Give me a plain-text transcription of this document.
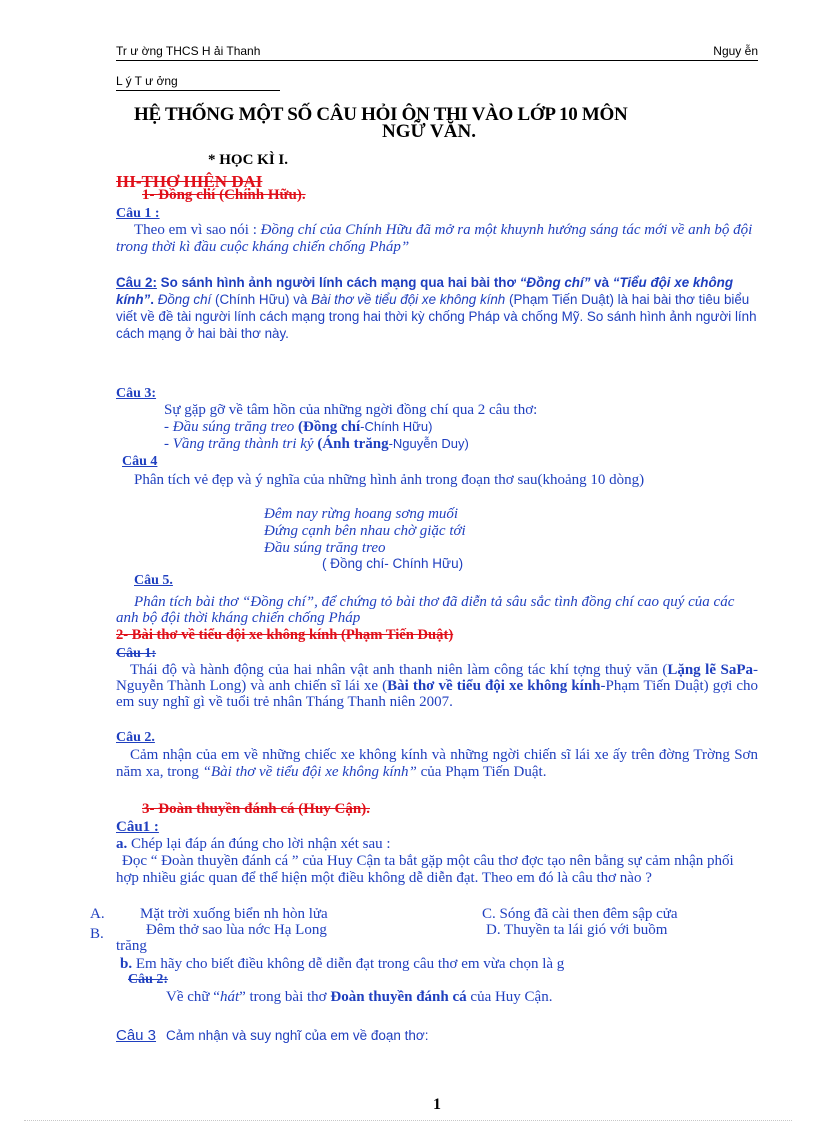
Tr ư ờng THCS H ải Thanh	Nguy ễn
L ý T ư ởng
HỆ THỐNG MỘT SỐ CÂU HỎI ÔN THI VÀO LỚP 10 MÔN
NGỮ VĂN.
* HỌC KÌ I.
III-THƠ HIỆN ĐẠI
1- Đồng chí (Chính Hữu).
Câu 1 :
Theo em vì sao nói : Đồng chí của Chính Hữu đã mở ra một khuynh hướng sáng tác mới về anh bộ đội trong thời kì đầu cuộc kháng chiến chống Pháp”
Câu 2: So sánh hình ảnh người lính cách mạng qua hai bài thơ “Đồng chí” và “Tiểu đội xe không kính”. Đồng chí (Chính Hữu) và Bài thơ về tiểu đội xe không kính (Phạm Tiến Duật) là hai bài thơ tiêu biểu viết về đề tài người lính cách mạng trong hai thời kỳ chống Pháp và chống Mỹ. So sánh hình ảnh người lính cách mạng ở hai bài thơ này.
Câu 3:
Sự gặp gỡ về tâm hồn của những ngời đồng chí qua 2 câu thơ:
- Đầu súng trăng treo (Đồng chí-Chính Hữu)
- Vầng trăng thành tri kỷ (Ánh trăng-Nguyễn Duy)
Câu 4
Phân tích vẻ đẹp và ý nghĩa của những hình ảnh trong đoạn thơ sau(khoảng 10 dòng)
Đêm nay rừng hoang sơng muối
Đứng cạnh bên nhau chờ giặc tới
Đầu súng trăng treo
( Đồng chí- Chính Hữu)
Câu 5.
Phân tích bài thơ “Đồng chí”, để chứng tỏ bài thơ đã diễn tả sâu sắc tình đồng chí cao quý của các anh bộ đội thời kháng chiến chống Pháp
2- Bài thơ về tiểu đội xe không kính (Phạm Tiến Duật)
Câu 1:
Thái độ và hành động của hai nhân vật anh thanh niên làm công tác khí tợng thuỷ văn (Lặng lẽ SaPa- Nguyễn Thành Long) và anh chiến sĩ lái xe (Bài thơ về tiểu đội xe không kính-Phạm Tiến Duật) gợi cho em suy nghĩ gì về tuổi trẻ nhân Tháng Thanh niên 2007.
Câu 2.
Cảm nhận của em về những chiếc xe không kính và những ngời chiến sĩ lái xe ấy trên đờng Trờng Sơn năm xa, trong “Bài thơ về tiểu đội xe không kính” của Phạm Tiến Duật.
3- Đoàn thuyền đánh cá (Huy Cận).
Câu1 :
a. Chép lại đáp án đúng cho lời nhận xét sau :
Đọc “ Đoàn thuyền đánh cá ” của Huy Cận ta bắt gặp một câu thơ đợc tạo nên bằng sự cảm nhận phối hợp nhiều giác quan để thể hiện một điều không dễ diễn đạt. Theo em đó là câu thơ nào ?
A. Mặt trời xuống biển nh hòn lửa	C. Sóng đã cài then đêm sập cửa
B.	Đêm thở sao lùa nớc Hạ Long	D. Thuyền ta lái gió với buồm
trăng
b. Em hãy cho biết điều không dễ diễn đạt trong câu thơ em vừa chọn là g
Câu 2:
Về chữ “hát” trong bài thơ Đoàn thuyền đánh cá của Huy Cận.
Câu 3 Cảm nhận và suy nghĩ của em về đoạn thơ:
1
